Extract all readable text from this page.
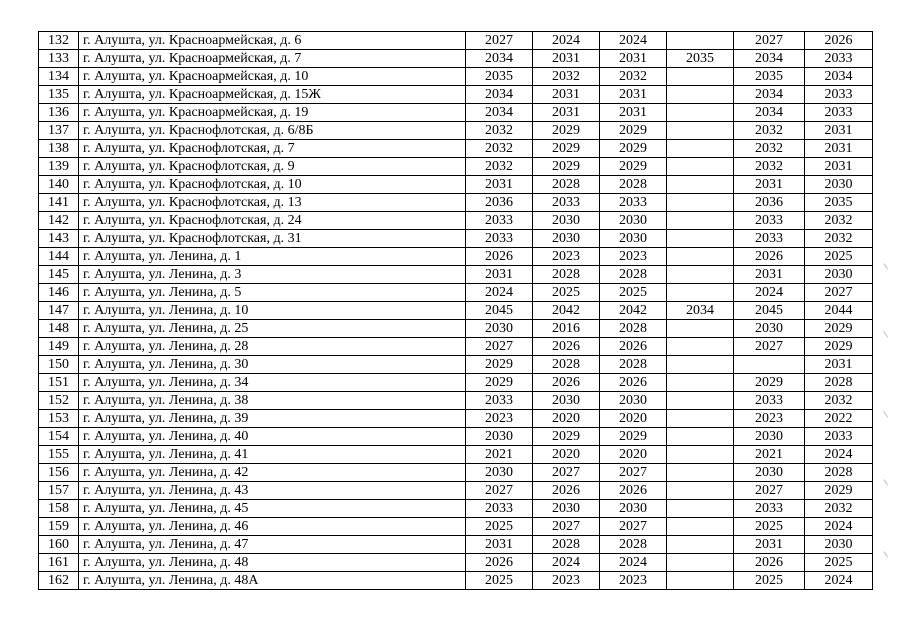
132	г. Алушта, ул. Красноармейская, д. 6	2027	2024	2024		2027	2026
133	г. Алушта, ул. Красноармейская, д. 7	2034	2031	2031	2035	2034	2033
134	г. Алушта, ул. Красноармейская, д. 10	2035	2032	2032		2035	2034
135	г. Алушта, ул. Красноармейская, д. 15Ж	2034	2031	2031		2034	2033
136	г. Алушта, ул. Красноармейская, д. 19	2034	2031	2031		2034	2033
137	г. Алушта, ул. Краснофлотская, д. 6/8Б	2032	2029	2029		2032	2031
138	г. Алушта, ул. Краснофлотская, д. 7	2032	2029	2029		2032	2031
139	г. Алушта, ул. Краснофлотская, д. 9	2032	2029	2029		2032	2031
140	г. Алушта, ул. Краснофлотская, д. 10	2031	2028	2028		2031	2030
141	г. Алушта, ул. Краснофлотская, д. 13	2036	2033	2033		2036	2035
142	г. Алушта, ул. Краснофлотская, д. 24	2033	2030	2030		2033	2032
143	г. Алушта, ул. Краснофлотская, д. 31	2033	2030	2030		2033	2032
144	г. Алушта, ул. Ленина, д. 1	2026	2023	2023		2026	2025
145	г. Алушта, ул. Ленина, д. 3	2031	2028	2028		2031	2030
146	г. Алушта, ул. Ленина, д. 5	2024	2025	2025		2024	2027
147	г. Алушта, ул. Ленина, д. 10	2045	2042	2042	2034	2045	2044
148	г. Алушта, ул. Ленина, д. 25	2030	2016	2028		2030	2029
149	г. Алушта, ул. Ленина, д. 28	2027	2026	2026		2027	2029
150	г. Алушта, ул. Ленина, д. 30	2029	2028	2028			2031
151	г. Алушта, ул. Ленина, д. 34	2029	2026	2026		2029	2028
152	г. Алушта, ул. Ленина, д. 38	2033	2030	2030		2033	2032
153	г. Алушта, ул. Ленина, д. 39	2023	2020	2020		2023	2022
154	г. Алушта, ул. Ленина, д. 40	2030	2029	2029		2030	2033
155	г. Алушта, ул. Ленина, д. 41	2021	2020	2020		2021	2024
156	г. Алушта, ул. Ленина, д. 42	2030	2027	2027		2030	2028
157	г. Алушта, ул. Ленина, д. 43	2027	2026	2026		2027	2029
158	г. Алушта, ул. Ленина, д. 45	2033	2030	2030		2033	2032
159	г. Алушта, ул. Ленина, д. 46	2025	2027	2027		2025	2024
160	г. Алушта, ул. Ленина, д. 47	2031	2028	2028		2031	2030
161	г. Алушта, ул. Ленина, д. 48	2026	2024	2024		2026	2025
162	г. Алушта, ул. Ленина, д. 48А	2025	2023	2023		2025	2024
